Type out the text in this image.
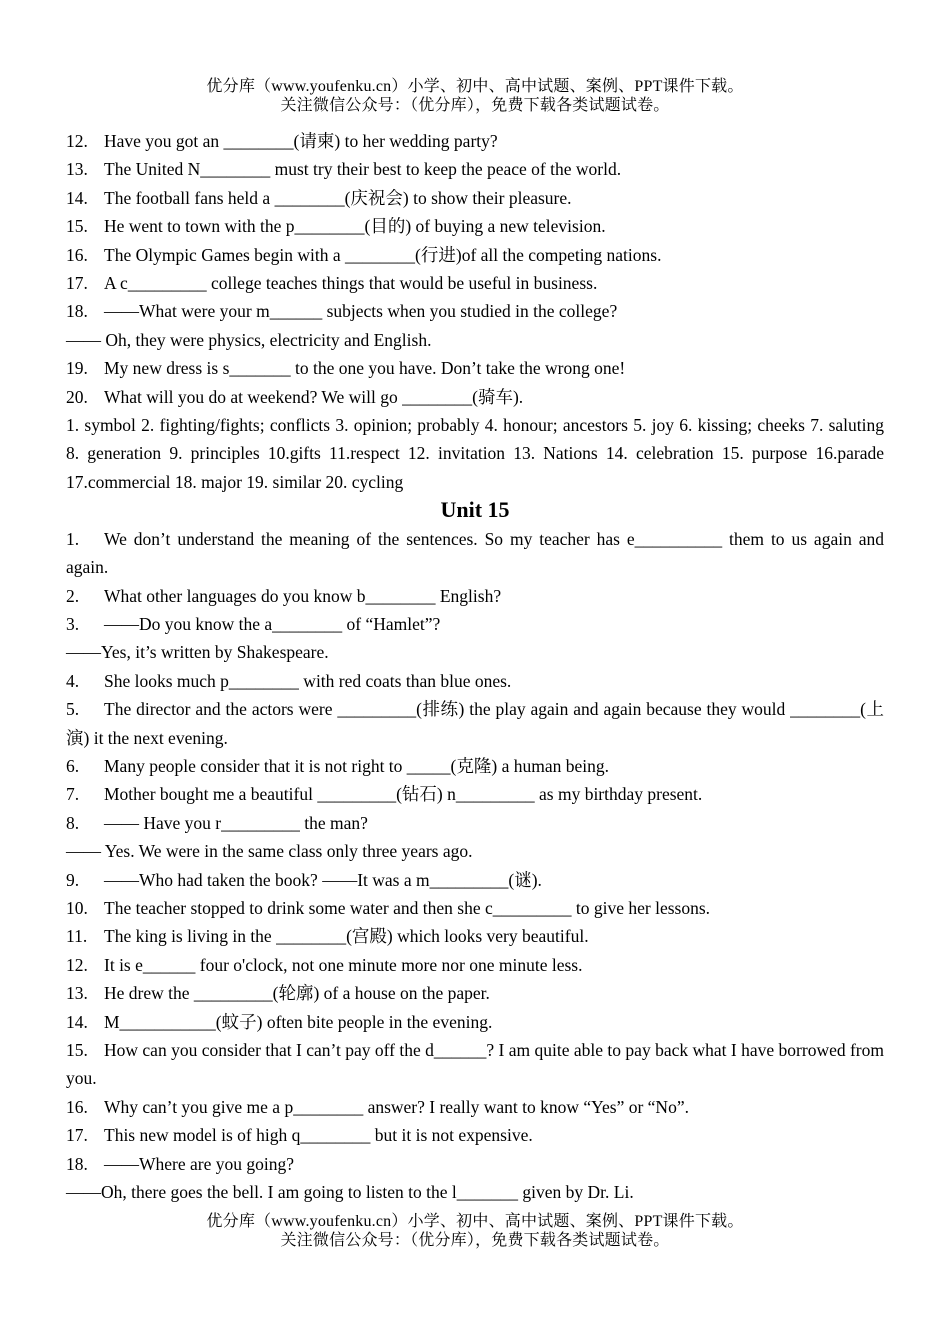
优分库（www.youfenku.cn）小学、初中、高中试题、案例、PPT课件下载。
关注微信公众号：（优分库），免费下载各类试题试卷。
12. Have you got an ________(请柬) to her wedding party?
13. The United N________ must try their best to keep the peace of the world.
14. The football fans held a ________(庆祝会) to show their pleasure.
15. He went to town with the p________(目的) of buying a new television.
16. The Olympic Games begin with a ________(行进)of all the competing nations.
17. A c_________ college teaches things that would be useful in business.
18. ——What were your m______ subjects when you studied in the college?
—— Oh, they were physics, electricity and English.
19. My new dress is s_______ to the one you have. Don’t take the wrong one!
20. What will you do at weekend? We will go ________(骑车).
1. symbol 2. fighting/fights; conflicts 3. opinion; probably 4. honour; ancestors 5. joy 6. kissing; cheeks 7. saluting 8. generation 9. principles 10.gifts 11.respect 12. invitation 13. Nations 14. celebration 15. purpose 16.parade 17.commercial 18. major 19. similar 20. cycling
Unit 15
1. We don’t understand the meaning of the sentences. So my teacher has e__________ them to us again and again.
2.	What other languages do you know b________ English?
3.	——Do you know the a________ of “Hamlet”?
——Yes, it’s written by Shakespeare.
4.	She looks much p________ with red coats than blue ones.
5. The director and the actors were _________(排练) the play again and again because they would ________(上演) it the next evening.
6.	Many people consider that it is not right to _____(克隆) a human being.
7.	Mother bought me a beautiful _________(钻石) n_________ as my birthday present.
8.	—— Have you r_________ the man?
—— Yes. We were in the same class only three years ago.
9.	——Who had taken the book? ——It was a m_________(谜).
10. The teacher stopped to drink some water and then she c_________ to give her lessons.
11. The king is living in the ________(宫殿) which looks very beautiful.
12. It is e______ four o'clock, not one minute more nor one minute less.
13. He drew the _________(轮廓) of a house on the paper.
14. M___________(蚊子) often bite people in the evening.
15. How can you consider that I can’t pay off the d______? I am quite able to pay back what I have borrowed from you.
16. Why can’t you give me a p________ answer? I really want to know “Yes” or “No”.
17. This new model is of high q________ but it is not expensive.
18. ——Where are you going?
——Oh, there goes the bell. I am going to listen to the l_______ given by Dr. Li.
优分库（www.youfenku.cn）小学、初中、高中试题、案例、PPT课件下载。
关注微信公众号：（优分库），免费下载各类试题试卷。
